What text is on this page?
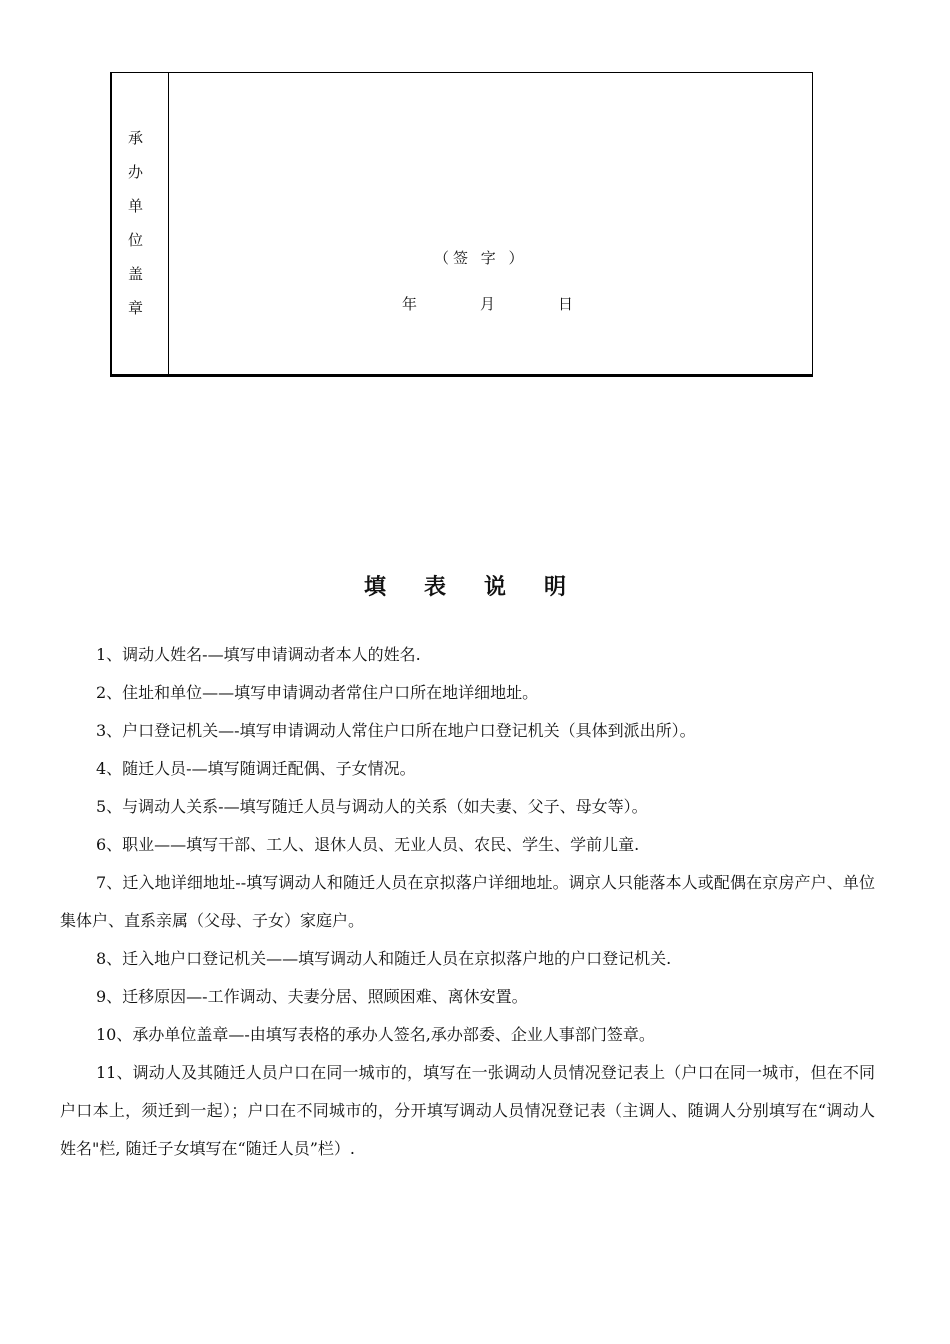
承
办
单
位
盖
章
（签 字 ）
年	月	日
填表说明

1、调动人姓名-—填写申请调动者本人的姓名.

2、住址和单位——填写申请调动者常住户口所在地详细地址。

3、户口登记机关—-填写申请调动人常住户口所在地户口登记机关（具体到派出所）。

4、随迁人员-—填写随调迁配偶、子女情况。

5、与调动人关系-—填写随迁人员与调动人的关系（如夫妻、父子、母女等）。

6、职业——填写干部、工人、退休人员、无业人员、农民、学生、学前儿童.

7、迁入地详细地址--填写调动人和随迁人员在京拟落户详细地址。调京人只能落本人或配偶在京房产户、单位集体户、直系亲属（父母、子女）家庭户。

8、迁入地户口登记机关——填写调动人和随迁人员在京拟落户地的户口登记机关.

9、迁移原因—-工作调动、夫妻分居、照顾困难、离休安置。

10、承办单位盖章—-由填写表格的承办人签名,承办部委、企业人事部门签章。

11、调动人及其随迁人员户口在同一城市的，填写在一张调动人员情况登记表上（户口在同一城市，但在不同户口本上，须迁到一起）；户口在不同城市的，分开填写调动人员情况登记表（主调人、随调人分别填写在“调动人姓名"栏, 随迁子女填写在“随迁人员”栏）.
